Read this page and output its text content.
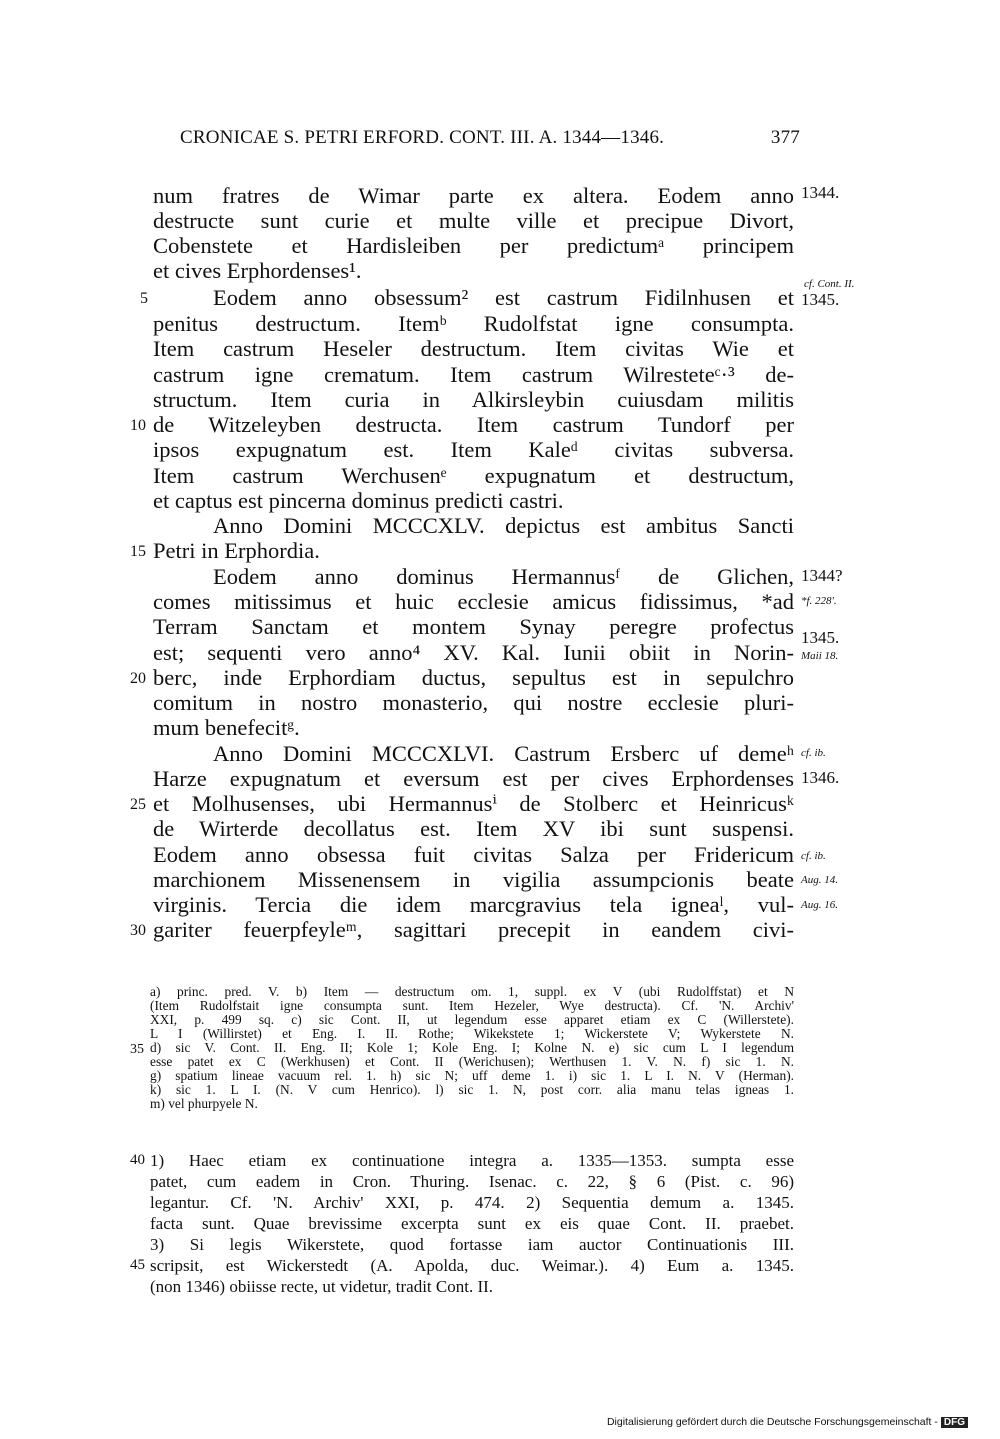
CRONICAE S. PETRI ERFORD. CONT. III. A. 1344—1346.	377
num fratres de Wimar parte ex altera. Eodem anno 1344.
destructe sunt curie et multe ville et precipue Divort,
Cobenstete et Hardisleiben per predictumᵃ principem
et cives Erphordenses¹.
cf. Cont. II.
5	Eodem anno obsessum² est castrum Fidilnhusen et 1345.
penitus destructum. Itemᵇ Rudolfstat igne consumpta.
Item castrum Heseler destructum. Item civitas Wie et
castrum igne crematum. Item castrum Wilresteteᶜ·³ de-
structum. Item curia in Alkirsleybin cuiusdam militis
10 de Witzeleyben destructa. Item castrum Tundorf per
ipsos expugnatum est. Item Kaleᵈ civitas subversa.
Item castrum Werchusenᵉ expugnatum et destructum,
et captus est pincerna dominus predicti castri.
Anno Domini MCCCXLV. depictus est ambitus Sancti
15 Petri in Erphordia.
Eodem anno dominus Hermannusᶠ de Glichen, 1344?
comes mitissimus et huic ecclesie amicus fidissimus, *ad *f. 228'.
Terram Sanctam et montem Synay peregre profectus 1345.
est; sequenti vero anno⁴ XV. Kal. Iunii obiit in Norin- Maii 18.
20 berc, inde Erphordiam ductus, sepultus est in sepulchro
comitum in nostro monasterio, qui nostre ecclesie pluri-
mum benefecitᵍ.
Anno Domini MCCCXLVI. Castrum Ersberc uf demeʰ cf. ib.
Harze expugnatum et eversum est per cives Erphordenses 1346.
25 et Molhusenses, ubi Hermannusⁱ de Stolberc et Heinricusᵏ
de Wirterde decollatus est. Item XV ibi sunt suspensi.
Eodem anno obsessa fuit civitas Salza per Fridericum cf. ib.
marchionem Missenensem in vigilia assumpcionis beate Aug. 14.
virginis. Tercia die idem marcgravius tela igneaˡ, vul- Aug. 16.
30 gariter feuerpfeyleᵐ, sagittari precepit in eandem civi-
a) princ. pred. V. b) Item — destructum om. 1, suppl. ex V (ubi Rudolffstat) et N
(Item Rudolfstait igne consumpta sunt. Item Hezeler, Wye destructa). Cf. 'N. Archiv'
XXI, p. 499 sq. c) sic Cont. II, ut legendum esse apparet etiam ex C (Willerstete).
L I (Willirstet) et Eng. I. II. Rothe; Wikekstete 1; Wickerstete V; Wykerstete N.
35 d) sic V. Cont. II. Eng. II; Kole 1; Kole Eng. I; Kolne N. e) sic cum L I legendum
esse patet ex C (Werkhusen) et Cont. II (Werichusen); Werthusen 1. V. N. f) sic 1. N.
g) spatium lineae vacuum rel. 1. h) sic N; uff deme 1. i) sic 1. L I. N. V (Herman).
k) sic 1. L I. (N. V cum Henrico). l) sic 1. N, post corr. alia manu telas igneas 1.
m) vel phurpyele N.
40 1) Haec etiam ex continuatione integra a. 1335—1353. sumpta esse
patet, cum eadem in Cron. Thuring. Isenac. c. 22, § 6 (Pist. c. 96)
legantur. Cf. 'N. Archiv' XXI, p. 474. 2) Sequentia demum a. 1345.
facta sunt. Quae brevissime excerpta sunt ex eis quae Cont. II. praebet.
3) Si legis Wikerstete, quod fortasse iam auctor Continuationis III.
45 scripsit, est Wickerstedt (A. Apolda, duc. Weimar.). 4) Eum a. 1345.
(non 1346) obiisse recte, ut videtur, tradit Cont. II.
Digitalisierung gefördert durch die Deutsche Forschungsgemeinschaft - DFG
